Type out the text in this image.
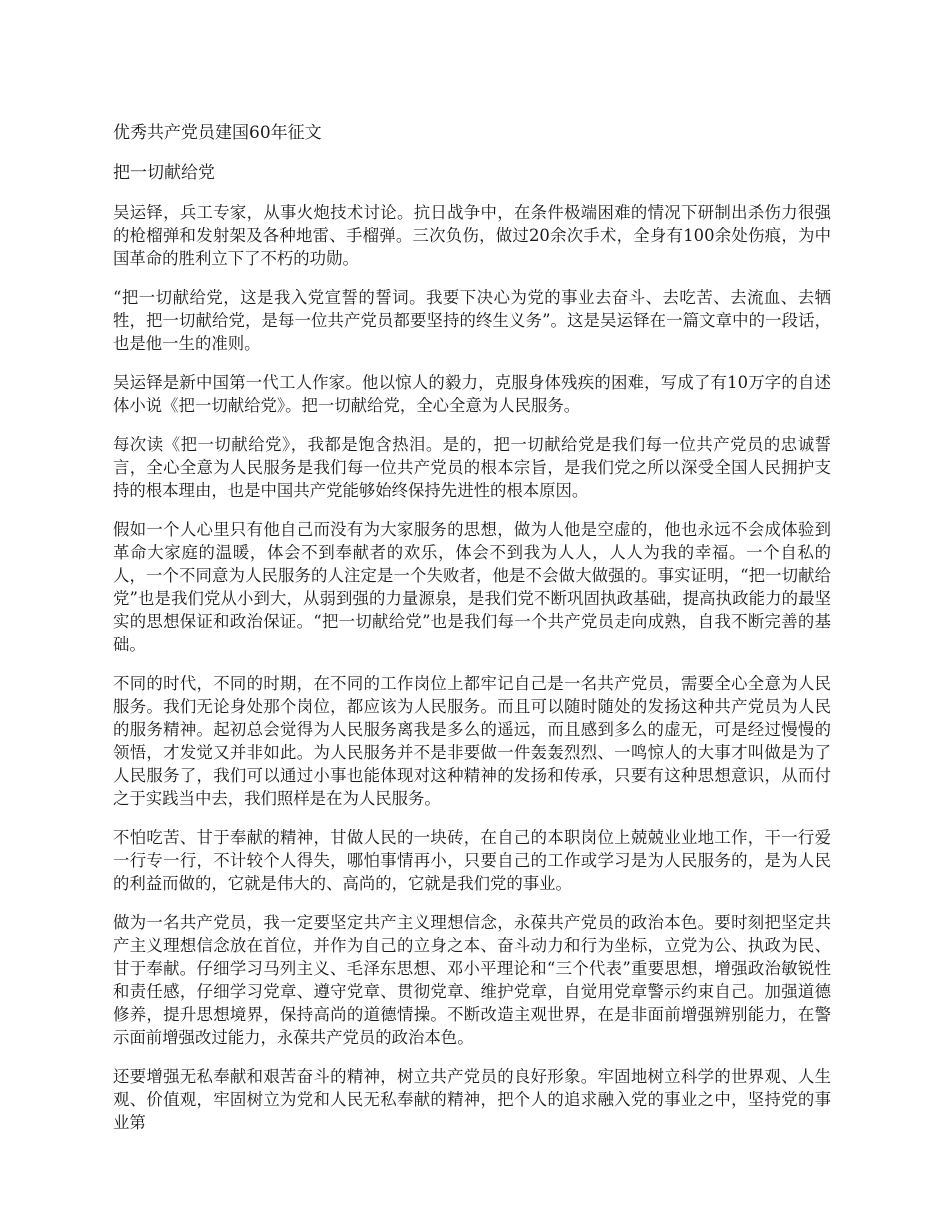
优秀共产党员建国60年征文
把一切献给党

吴运铎，兵工专家，从事火炮技术讨论。抗日战争中，在条件极端困难的情况下研制出杀伤力很强的枪榴弹和发射架及各种地雷、手榴弹。三次负伤，做过20余次手术，全身有100余处伤痕，为中国革命的胜利立下了不朽的功勋。

“把一切献给党，这是我入党宣誓的誓词。我要下决心为党的事业去奋斗、去吃苦、去流血、去牺牲，把一切献给党，是每一位共产党员都要坚持的终生义务”。这是吴运铎在一篇文章中的一段话，也是他一生的准则。

吴运铎是新中国第一代工人作家。他以惊人的毅力，克服身体残疾的困难，写成了有10万字的自述体小说《把一切献给党》。把一切献给党，全心全意为人民服务。

每次读《把一切献给党》，我都是饱含热泪。是的，把一切献给党是我们每一位共产党员的忠诚誓言，全心全意为人民服务是我们每一位共产党员的根本宗旨，是我们党之所以深受全国人民拥护支持的根本理由，也是中国共产党能够始终保持先进性的根本原因。

假如一个人心里只有他自己而没有为大家服务的思想，做为人他是空虚的，他也永远不会成体验到革命大家庭的温暖，体会不到奉献者的欢乐，体会不到我为人人，人人为我的幸福。一个自私的人，一个不同意为人民服务的人注定是一个失败者，他是不会做大做强的。事实证明，“把一切献给党”也是我们党从小到大，从弱到强的力量源泉，是我们党不断巩固执政基础，提高执政能力的最坚实的思想保证和政治保证。“把一切献给党”也是我们每一个共产党员走向成熟，自我不断完善的基础。

不同的时代，不同的时期，在不同的工作岗位上都牢记自己是一名共产党员，需要全心全意为人民服务。我们无论身处那个岗位，都应该为人民服务。而且可以随时随处的发扬这种共产党员为人民的服务精神。起初总会觉得为人民服务离我是多么的遥远，而且感到多么的虚无，可是经过慢慢的领悟，才发觉又并非如此。为人民服务并不是非要做一件轰轰烈烈、一鸣惊人的大事才叫做是为了人民服务了，我们可以通过小事也能体现对这种精神的发扬和传承，只要有这种思想意识，从而付之于实践当中去，我们照样是在为人民服务。

不怕吃苦、甘于奉献的精神，甘做人民的一块砖，在自己的本职岗位上兢兢业业地工作，干一行爱一行专一行，不计较个人得失，哪怕事情再小，只要自己的工作或学习是为人民服务的，是为人民的利益而做的，它就是伟大的、高尚的，它就是我们党的事业。

做为一名共产党员，我一定要坚定共产主义理想信念，永葆共产党员的政治本色。要时刻把坚定共产主义理想信念放在首位，并作为自己的立身之本、奋斗动力和行为坐标，立党为公、执政为民、甘于奉献。仔细学习马列主义、毛泽东思想、邓小平理论和“三个代表”重要思想，增强政治敏锐性和责任感，仔细学习党章、遵守党章、贯彻党章、维护党章，自觉用党章警示约束自己。加强道德修养，提升思想境界，保持高尚的道德情操。不断改造主观世界，在是非面前增强辨别能力，在警示面前增强改过能力，永葆共产党员的政治本色。

还要增强无私奉献和艰苦奋斗的精神，树立共产党员的良好形象。牢固地树立科学的世界观、人生观、价值观，牢固树立为党和人民无私奉献的精神，把个人的追求融入党的事业之中，坚持党的事业第
